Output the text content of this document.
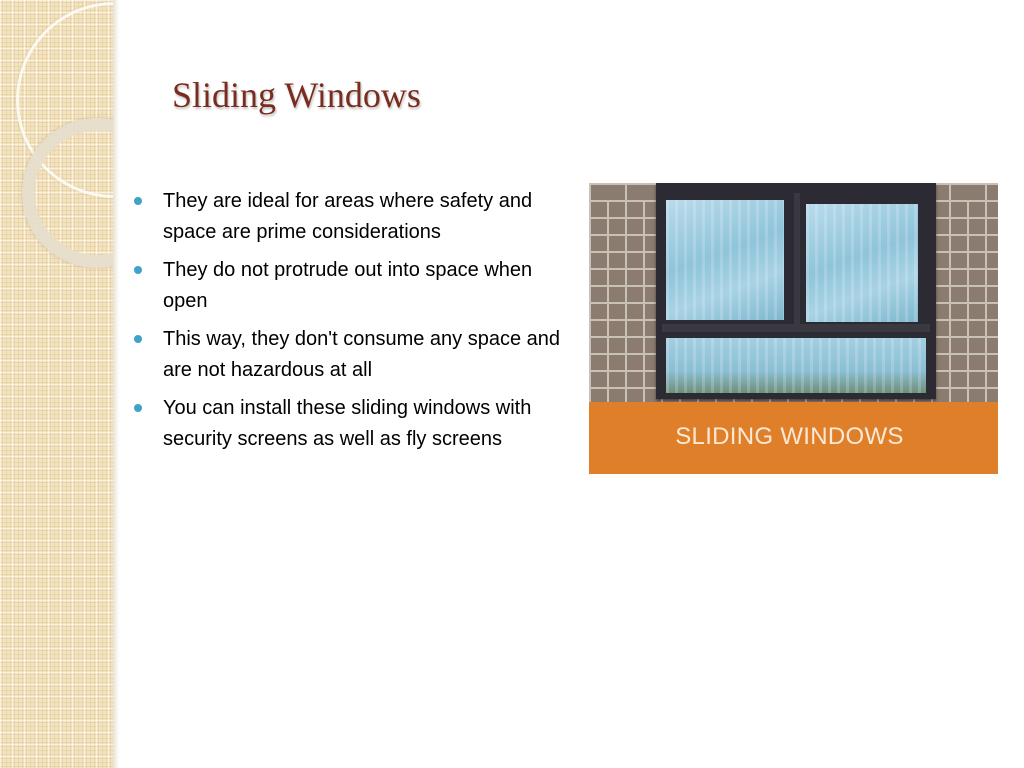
Sliding Windows
They are ideal for areas where safety and space are prime considerations
They do not protrude out into space when open
This way, they don't consume any space and are not hazardous at all
You can install these sliding windows with security screens as well as fly screens	SLIDING WINDOWS
